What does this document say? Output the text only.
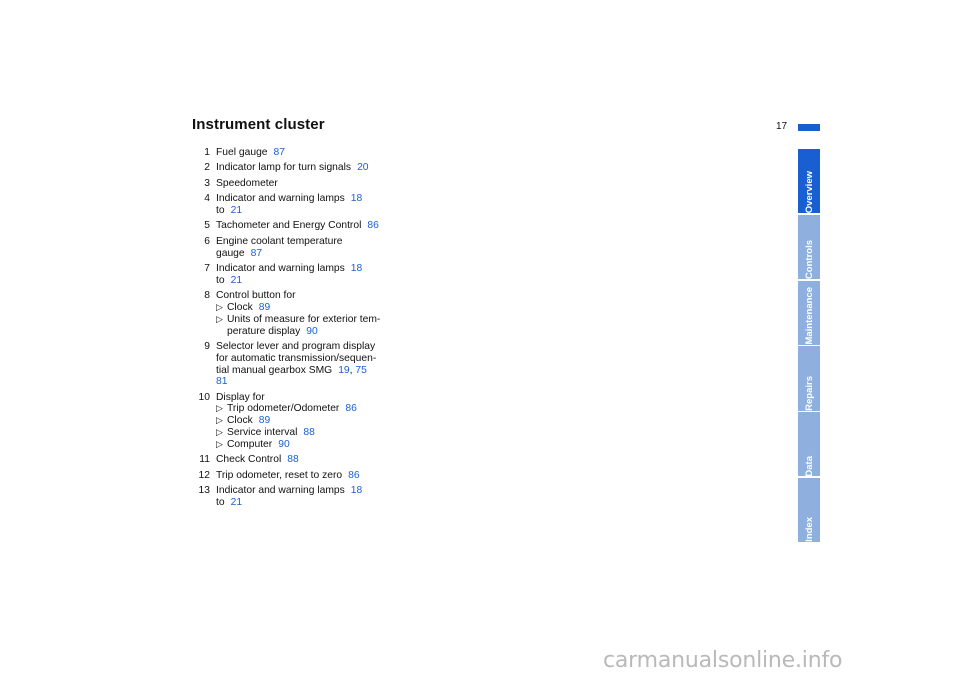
Instrument cluster	17
1 Fuel gauge 87
2 Indicator lamp for turn signals 20
3 Speedometer
4 Indicator and warning lamps 18
to 21
5 Tachometer and Energy Control 86
6 Engine coolant temperature
gauge 87
7 Indicator and warning lamps 18
to 21
8 Control button for
▷ Clock 89
▷ Units of measure for exterior tem-
perature display 90
9 Selector lever and program display
for automatic transmission/sequen-
tial manual gearbox SMG 19, 75
81
10 Display for
▷ Trip odometer/Odometer 86
▷ Clock 89
▷ Service interval 88
▷ Computer 90
11 Check Control 88
12 Trip odometer, reset to zero 86
13 Indicator and warning lamps 18
to 21
Overview
Controls
Maintenance
Repairs
Data
Index
carmanualsonline.info
